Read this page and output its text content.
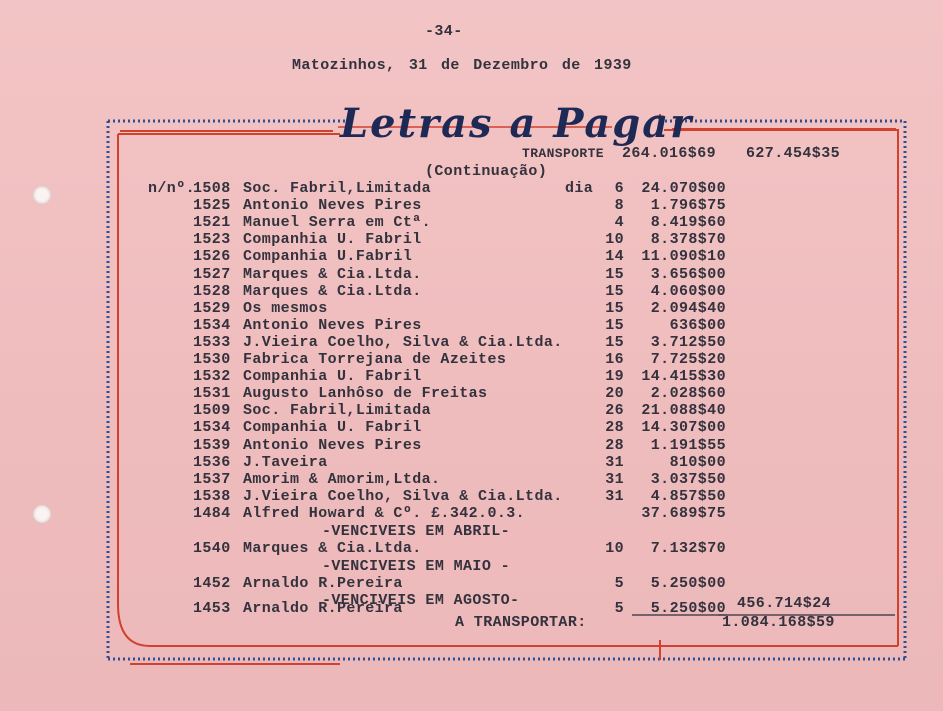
-34-
Matozinhos, 31 de Dezembro de 1939
Letras a Pagar
(Continuação)
TRANSPORTE 264.016$69 627.454$35
n/nº.	dia
1508 Soc. Fabril,Limitada	6 24.070$00
1525 Antonio Neves Pires	8 1.796$75
1521 Manuel Serra em Ctª.	4 8.419$60
1523 Companhia U. Fabril	10 8.378$70
1526 Companhia U.Fabril	14 11.090$10
1527 Marques & Cia.Ltda.	15 3.656$00
1528 Marques & Cia.Ltda.	15 4.060$00
1529 Os mesmos	15 2.094$40
1534 Antonio Neves Pires	15	636$00
1533 J.Vieira Coelho, Silva & Cia.Ltda.	15 3.712$50
1530 Fabrica Torrejana de Azeites	16 7.725$20
1532 Companhia U. Fabril	19 14.415$30
1531 Augusto Lanhôso de Freitas	20 2.028$60
1509 Soc. Fabril,Limitada	26 21.088$40
1534 Companhia U. Fabril	28 14.307$00
1539 Antonio Neves Pires	28 1.191$55
1536 J.Taveira	31	810$00
1537 Amorim & Amorim,Ltda.	31 3.037$50
1538 J.Vieira Coelho, Silva & Cia.Ltda.	31 4.857$50
1484 Alfred Howard & Cº. £.342.0.3.	37.689$75
-VENCIVEIS EM ABRIL-
1540 Marques & Cia.Ltda.	10 7.132$70
-VENCIVEIS EM MAIO -
1452 Arnaldo R.Pereira	5 5.250$00
-VENCIVEIS EM AGOSTO-
1453 Arnaldo R.Pereira	5 5.250$00 456.714$24
A TRANSPORTAR:	1.084.168$59
